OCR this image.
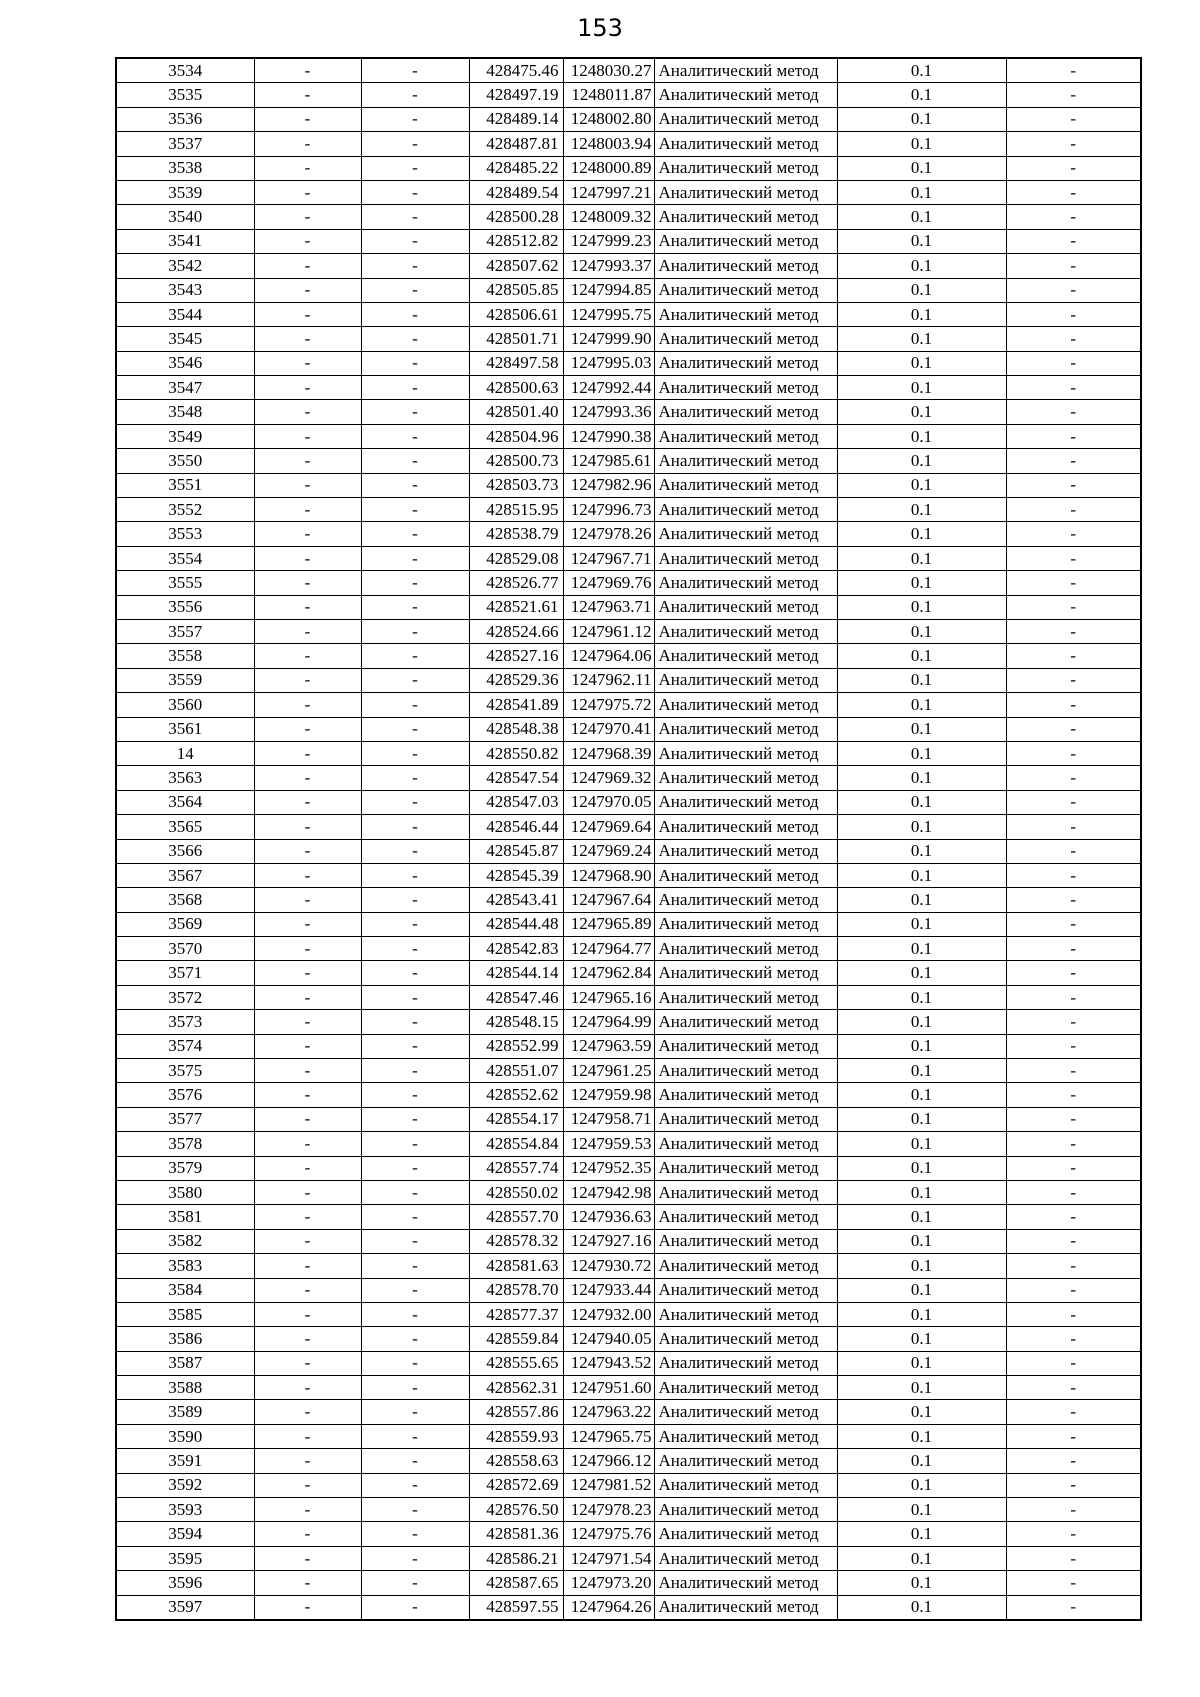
153
3534	-	-	428475.46	1248030.27	Аналитический метод	0.1	-
3535	-	-	428497.19	1248011.87	Аналитический метод	0.1	-
3536	-	-	428489.14	1248002.80	Аналитический метод	0.1	-
3537	-	-	428487.81	1248003.94	Аналитический метод	0.1	-
3538	-	-	428485.22	1248000.89	Аналитический метод	0.1	-
3539	-	-	428489.54	1247997.21	Аналитический метод	0.1	-
3540	-	-	428500.28	1248009.32	Аналитический метод	0.1	-
3541	-	-	428512.82	1247999.23	Аналитический метод	0.1	-
3542	-	-	428507.62	1247993.37	Аналитический метод	0.1	-
3543	-	-	428505.85	1247994.85	Аналитический метод	0.1	-
3544	-	-	428506.61	1247995.75	Аналитический метод	0.1	-
3545	-	-	428501.71	1247999.90	Аналитический метод	0.1	-
3546	-	-	428497.58	1247995.03	Аналитический метод	0.1	-
3547	-	-	428500.63	1247992.44	Аналитический метод	0.1	-
3548	-	-	428501.40	1247993.36	Аналитический метод	0.1	-
3549	-	-	428504.96	1247990.38	Аналитический метод	0.1	-
3550	-	-	428500.73	1247985.61	Аналитический метод	0.1	-
3551	-	-	428503.73	1247982.96	Аналитический метод	0.1	-
3552	-	-	428515.95	1247996.73	Аналитический метод	0.1	-
3553	-	-	428538.79	1247978.26	Аналитический метод	0.1	-
3554	-	-	428529.08	1247967.71	Аналитический метод	0.1	-
3555	-	-	428526.77	1247969.76	Аналитический метод	0.1	-
3556	-	-	428521.61	1247963.71	Аналитический метод	0.1	-
3557	-	-	428524.66	1247961.12	Аналитический метод	0.1	-
3558	-	-	428527.16	1247964.06	Аналитический метод	0.1	-
3559	-	-	428529.36	1247962.11	Аналитический метод	0.1	-
3560	-	-	428541.89	1247975.72	Аналитический метод	0.1	-
3561	-	-	428548.38	1247970.41	Аналитический метод	0.1	-
14	-	-	428550.82	1247968.39	Аналитический метод	0.1	-
3563	-	-	428547.54	1247969.32	Аналитический метод	0.1	-
3564	-	-	428547.03	1247970.05	Аналитический метод	0.1	-
3565	-	-	428546.44	1247969.64	Аналитический метод	0.1	-
3566	-	-	428545.87	1247969.24	Аналитический метод	0.1	-
3567	-	-	428545.39	1247968.90	Аналитический метод	0.1	-
3568	-	-	428543.41	1247967.64	Аналитический метод	0.1	-
3569	-	-	428544.48	1247965.89	Аналитический метод	0.1	-
3570	-	-	428542.83	1247964.77	Аналитический метод	0.1	-
3571	-	-	428544.14	1247962.84	Аналитический метод	0.1	-
3572	-	-	428547.46	1247965.16	Аналитический метод	0.1	-
3573	-	-	428548.15	1247964.99	Аналитический метод	0.1	-
3574	-	-	428552.99	1247963.59	Аналитический метод	0.1	-
3575	-	-	428551.07	1247961.25	Аналитический метод	0.1	-
3576	-	-	428552.62	1247959.98	Аналитический метод	0.1	-
3577	-	-	428554.17	1247958.71	Аналитический метод	0.1	-
3578	-	-	428554.84	1247959.53	Аналитический метод	0.1	-
3579	-	-	428557.74	1247952.35	Аналитический метод	0.1	-
3580	-	-	428550.02	1247942.98	Аналитический метод	0.1	-
3581	-	-	428557.70	1247936.63	Аналитический метод	0.1	-
3582	-	-	428578.32	1247927.16	Аналитический метод	0.1	-
3583	-	-	428581.63	1247930.72	Аналитический метод	0.1	-
3584	-	-	428578.70	1247933.44	Аналитический метод	0.1	-
3585	-	-	428577.37	1247932.00	Аналитический метод	0.1	-
3586	-	-	428559.84	1247940.05	Аналитический метод	0.1	-
3587	-	-	428555.65	1247943.52	Аналитический метод	0.1	-
3588	-	-	428562.31	1247951.60	Аналитический метод	0.1	-
3589	-	-	428557.86	1247963.22	Аналитический метод	0.1	-
3590	-	-	428559.93	1247965.75	Аналитический метод	0.1	-
3591	-	-	428558.63	1247966.12	Аналитический метод	0.1	-
3592	-	-	428572.69	1247981.52	Аналитический метод	0.1	-
3593	-	-	428576.50	1247978.23	Аналитический метод	0.1	-
3594	-	-	428581.36	1247975.76	Аналитический метод	0.1	-
3595	-	-	428586.21	1247971.54	Аналитический метод	0.1	-
3596	-	-	428587.65	1247973.20	Аналитический метод	0.1	-
3597	-	-	428597.55	1247964.26	Аналитический метод	0.1	-
